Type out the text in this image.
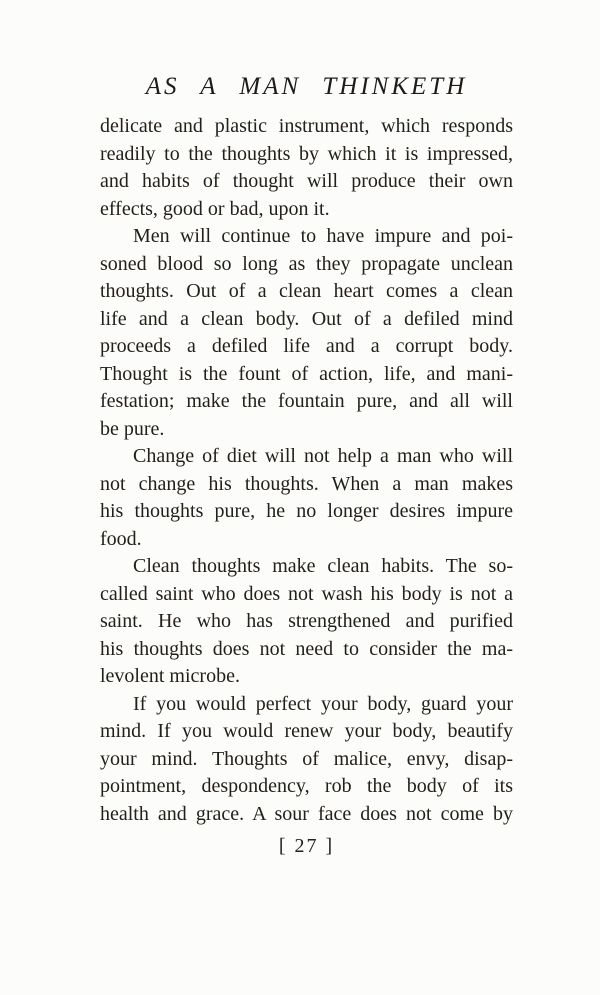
AS A MAN THINKETH
delicate and plastic instrument, which responds
readily to the thoughts by which it is impressed,
and habits of thought will produce their own
effects, good or bad, upon it.
Men will continue to have impure and poi-
soned blood so long as they propagate unclean
thoughts. Out of a clean heart comes a clean
life and a clean body. Out of a defiled mind
proceeds a defiled life and a corrupt body.
Thought is the fount of action, life, and mani-
festation; make the fountain pure, and all will
be pure.
Change of diet will not help a man who will
not change his thoughts. When a man makes
his thoughts pure, he no longer desires impure
food.
Clean thoughts make clean habits. The so-
called saint who does not wash his body is not a
saint. He who has strengthened and purified
his thoughts does not need to consider the ma-
levolent microbe.
If you would perfect your body, guard your
mind. If you would renew your body, beautify
your mind. Thoughts of malice, envy, disap-
pointment, despondency, rob the body of its
health and grace. A sour face does not come by
[ 27 ]
